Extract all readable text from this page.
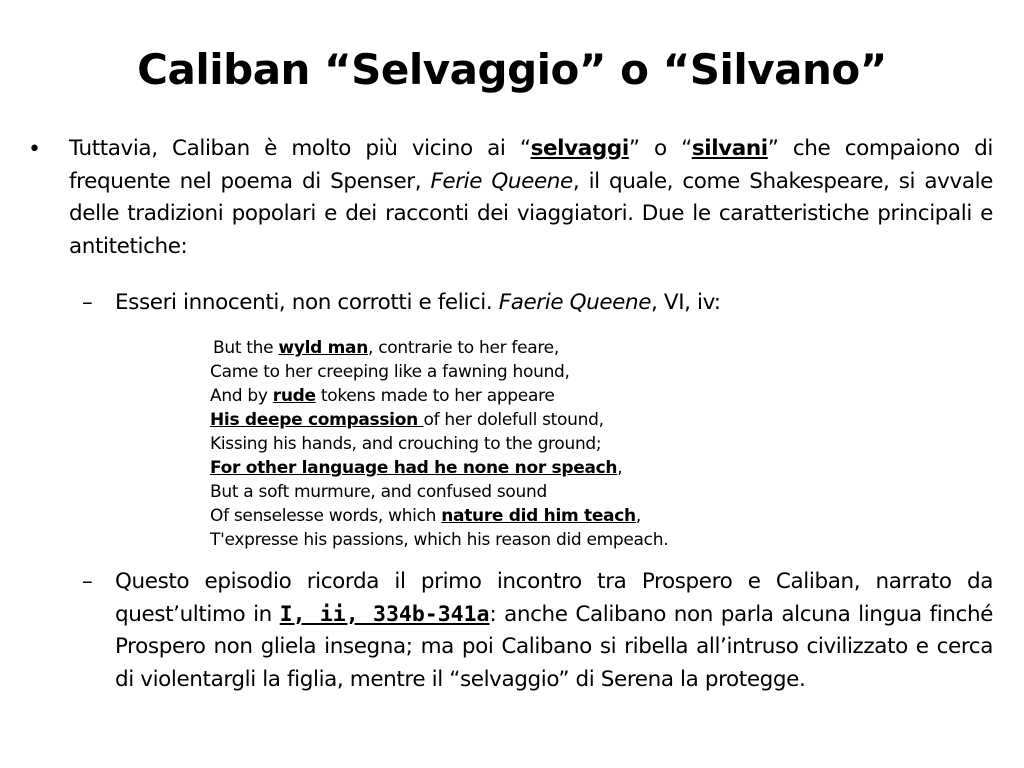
Caliban “Selvaggio” o “Silvano”
• Tuttavia, Caliban è molto più vicino ai “selvaggi” o “silvani” che compaiono di frequente nel poema di Spenser, Ferie Queene, il quale, come Shakespeare, si avvale delle tradizioni popolari e dei racconti dei viaggiatori. Due le caratteristiche principali e antitetiche:

– Esseri innocenti, non corrotti e felici. Faerie Queene, VI, iv:

But the wyld man, contrarie to her feare,
Came to her creeping like a fawning hound,
And by rude tokens made to her appeare
His deepe compassion of her dolefull stound,
Kissing his hands, and crouching to the ground;
For other language had he none nor speach,
But a soft murmure, and confused sound
Of senselesse words, which nature did him teach,
T'expresse his passions, which his reason did empeach.
– Questo episodio ricorda il primo incontro tra Prospero e Caliban, narrato da quest’ultimo in I, ii, 334b-341a: anche Calibano non parla alcuna lingua finché Prospero non gliela insegna; ma poi Calibano si ribella all’intruso civilizzato e cerca di violentargli la figlia, mentre il “selvaggio” di Serena la protegge.
